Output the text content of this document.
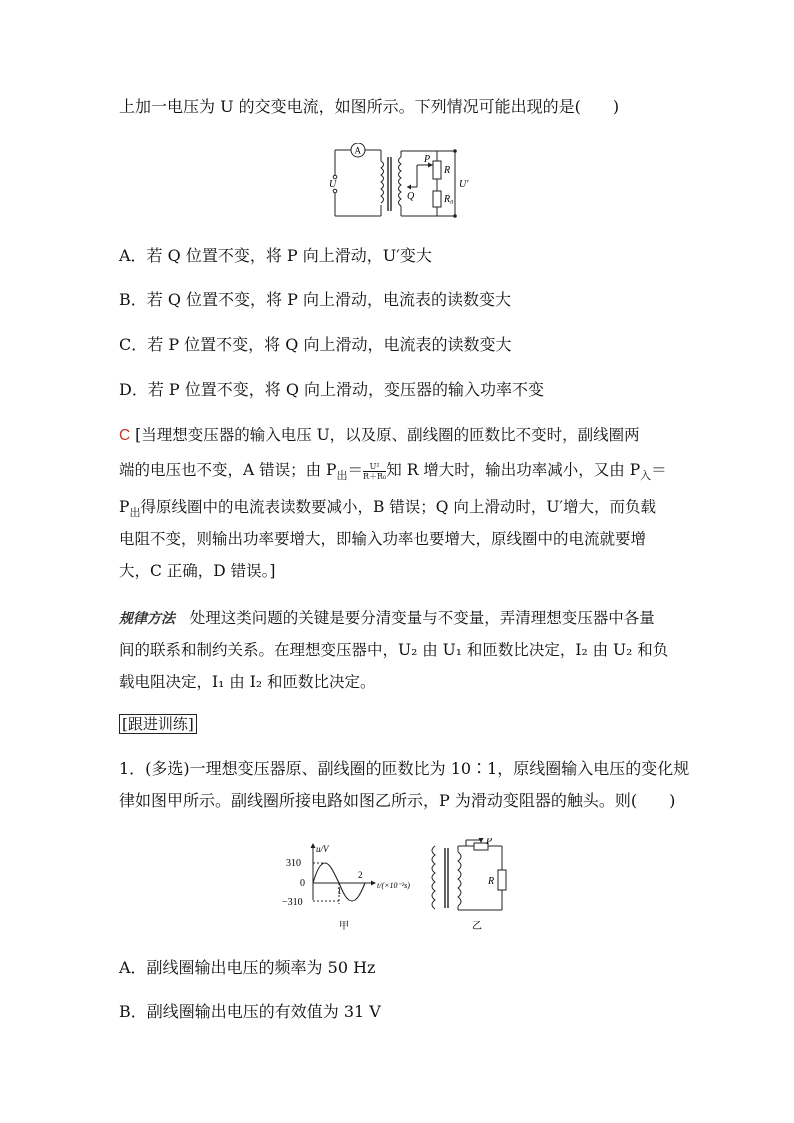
上加一电压为 U 的交变电流，如图所示。下列情况可能出现的是(　　)
A
U
P
Q
R
R₀
U′
A．若 Q 位置不变，将 P 向上滑动，U′变大
B．若 Q 位置不变，将 P 向上滑动，电流表的读数变大
C．若 P 位置不变，将 Q 向上滑动，电流表的读数变大
D．若 P 位置不变，将 Q 向上滑动，变压器的输入功率不变
C [当理想变压器的输入电压 U，以及原、副线圈的匝数比不变时，副线圈两
端的电压也不变，A 错误；由 $P_出= \frac{\text{U²}}{\text{R＋R₀}}$ 知 R 增大时，输出功率减小，又由 $P_入=$
$P_出$得原线圈中的电流表读数要减小，B 错误；Q 向上滑动时，U′增大，而负载
电阻不变，则输出功率要增大，即输入功率也要增大，原线圈中的电流就要增
大，C 正确，D 错误。]
规律方法 处理这类问题的关键是要分清变量与不变量，弄清理想变压器中各量
间的联系和制约关系。在理想变压器中，U₂ 由 U₁ 和匝数比决定，I₂ 由 U₂ 和负
载电阻决定，I₁ 由 I₂ 和匝数比决定。
[跟进训练]
1．(多选)一理想变压器原、副线圈的匝数比为 10∶1，原线圈输入电压的变化规
律如图甲所示。副线圈所接电路如图乙所示，P 为滑动变阻器的触头。则(　　)
u/V
310
0
−310
1
2
t/(×10⁻²s)
甲
P
R
乙
A．副线圈输出电压的频率为 50 Hz
B．副线圈输出电压的有效值为 31 V
